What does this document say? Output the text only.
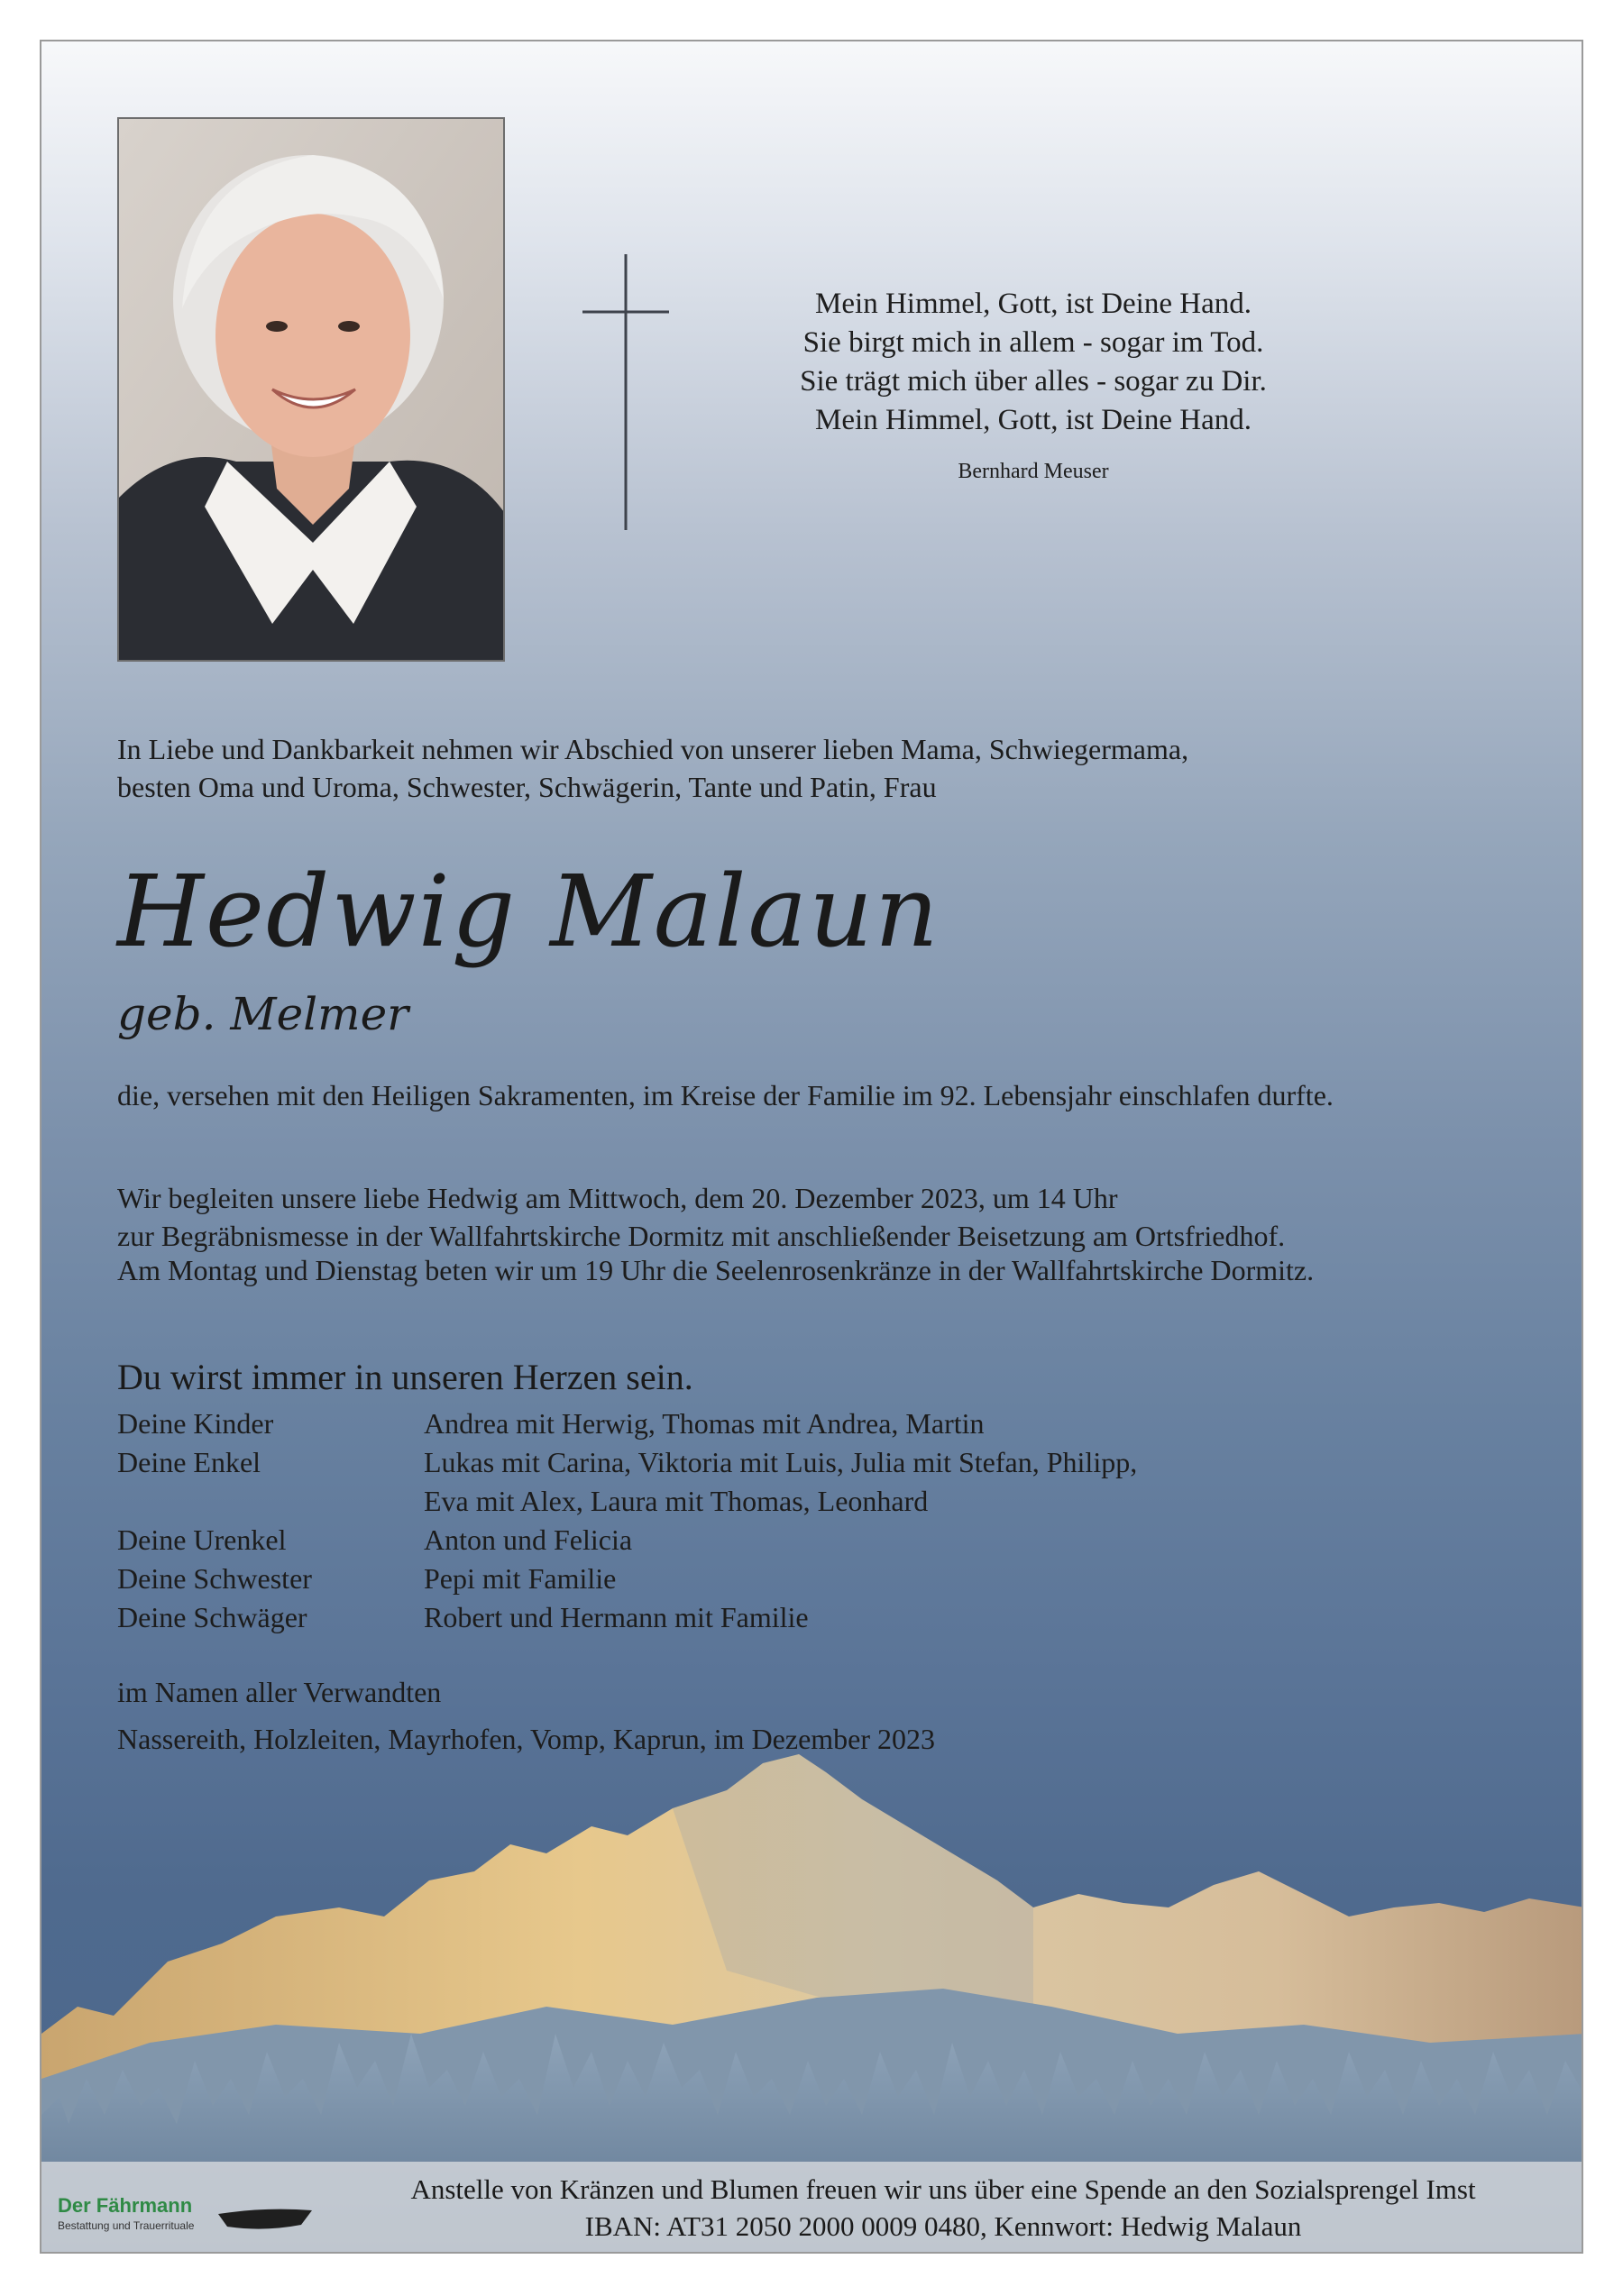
Mein Himmel, Gott, ist Deine Hand.
Sie birgt mich in allem - sogar im Tod.
Sie trägt mich über alles - sogar zu Dir.
Mein Himmel, Gott, ist Deine Hand.
Bernhard Meuser

In Liebe und Dankbarkeit nehmen wir Abschied von unserer lieben Mama, Schwiegermama,
besten Oma und Uroma, Schwester, Schwägerin, Tante und Patin, Frau

Hedwig Malaun

geb. Melmer

die, versehen mit den Heiligen Sakramenten, im Kreise der Familie im 92. Lebensjahr einschlafen durfte.

Wir begleiten unsere liebe Hedwig am Mittwoch, dem 20. Dezember 2023, um 14 Uhr
zur Begräbnismesse in der Wallfahrtskirche Dormitz mit anschließender Beisetzung am Ortsfriedhof.

Am Montag und Dienstag beten wir um 19 Uhr die Seelenrosenkränze in der Wallfahrtskirche Dormitz.

Du wirst immer in unseren Herzen sein.
Deine Kinder	Andrea mit Herwig, Thomas mit Andrea, Martin
Deine Enkel	Lukas mit Carina, Viktoria mit Luis, Julia mit Stefan, Philipp,
Eva mit Alex, Laura mit Thomas, Leonhard
Deine Urenkel	Anton und Felicia
Deine Schwester	Pepi mit Familie
Deine Schwäger	Robert und Hermann mit Familie

im Namen aller Verwandten

Nassereith, Holzleiten, Mayrhofen, Vomp, Kaprun, im Dezember 2023

Der Fährmann
Bestattung und Trauerrituale
Anstelle von Kränzen und Blumen freuen wir uns über eine Spende an den Sozialsprengel Imst
IBAN: AT31 2050 2000 0009 0480, Kennwort: Hedwig Malaun
